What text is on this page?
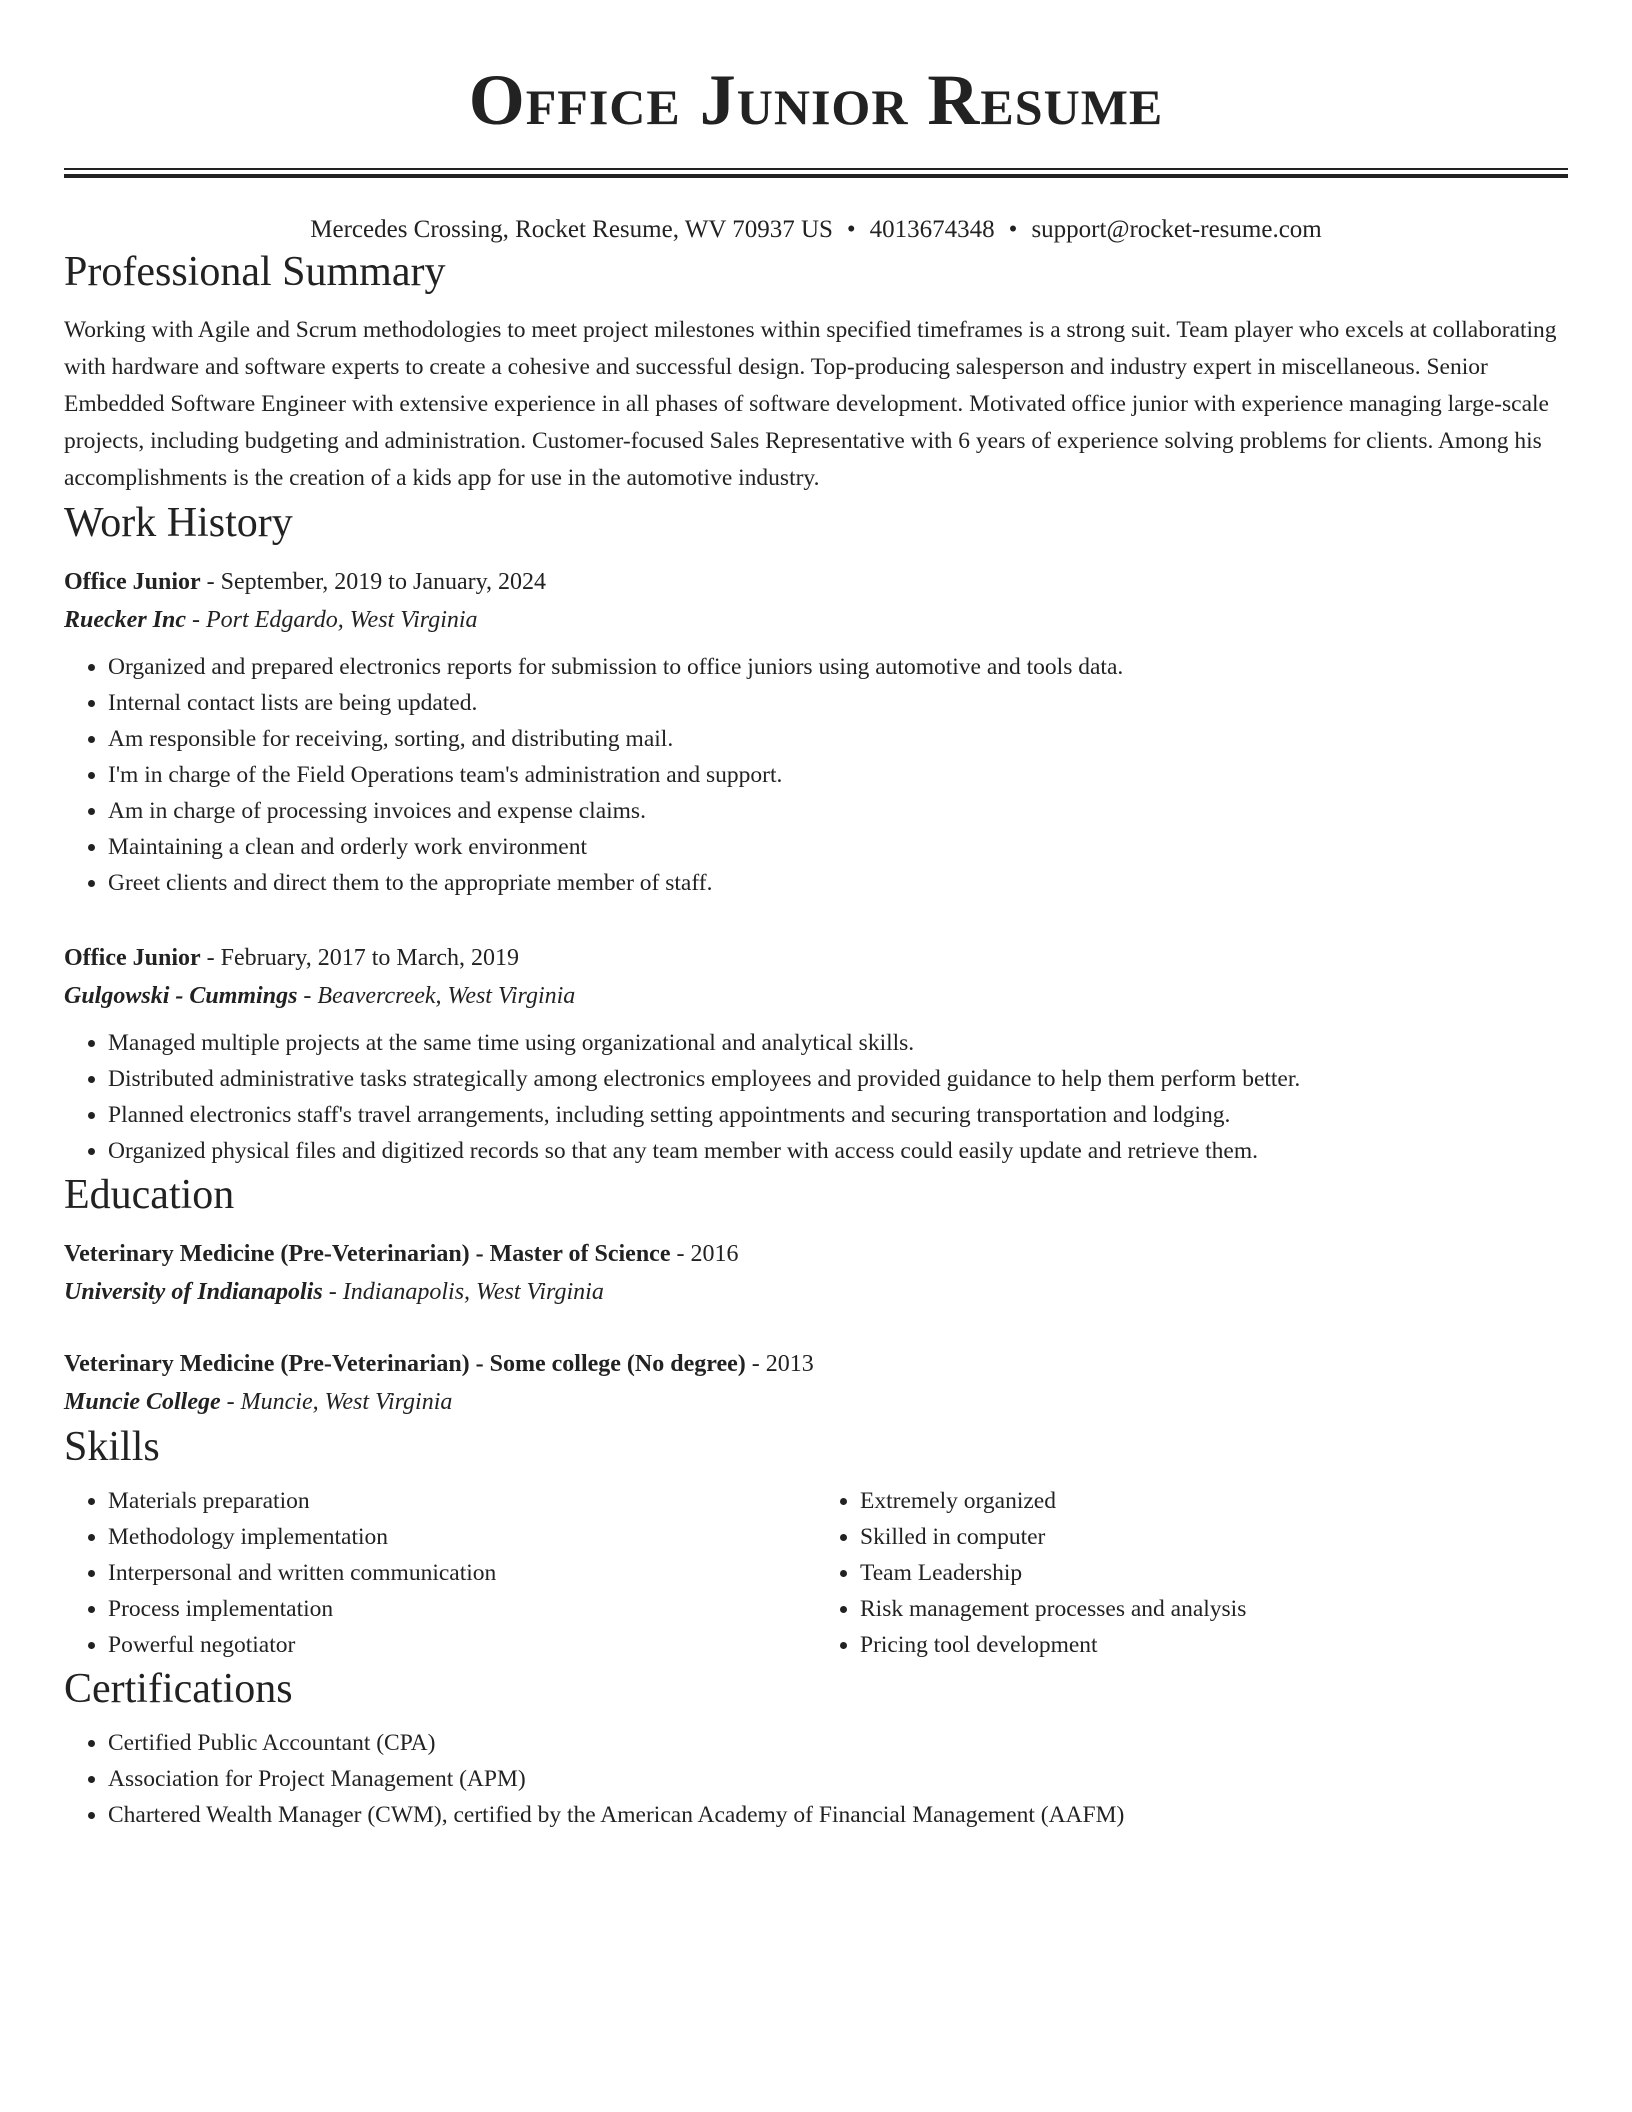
Office Junior Resume
Mercedes Crossing, Rocket Resume, WV 70937 US • 4013674348 • support@rocket-resume.com
Professional Summary
Working with Agile and Scrum methodologies to meet project milestones within specified timeframes is a strong suit. Team player who excels at collaborating with hardware and software experts to create a cohesive and successful design. Top-producing salesperson and industry expert in miscellaneous. Senior Embedded Software Engineer with extensive experience in all phases of software development. Motivated office junior with experience managing large-scale projects, including budgeting and administration. Customer-focused Sales Representative with 6 years of experience solving problems for clients. Among his accomplishments is the creation of a kids app for use in the automotive industry.
Work History
Office Junior - September, 2019 to January, 2024
Ruecker Inc - Port Edgardo, West Virginia
• Organized and prepared electronics reports for submission to office juniors using automotive and tools data.
• Internal contact lists are being updated.
• Am responsible for receiving, sorting, and distributing mail.
• I'm in charge of the Field Operations team's administration and support.
• Am in charge of processing invoices and expense claims.
• Maintaining a clean and orderly work environment
• Greet clients and direct them to the appropriate member of staff.
Office Junior - February, 2017 to March, 2019
Gulgowski - Cummings - Beavercreek, West Virginia
• Managed multiple projects at the same time using organizational and analytical skills.
• Distributed administrative tasks strategically among electronics employees and provided guidance to help them perform better.
• Planned electronics staff's travel arrangements, including setting appointments and securing transportation and lodging.
• Organized physical files and digitized records so that any team member with access could easily update and retrieve them.
Education
Veterinary Medicine (Pre-Veterinarian) - Master of Science - 2016
University of Indianapolis - Indianapolis, West Virginia
Veterinary Medicine (Pre-Veterinarian) - Some college (No degree) - 2013
Muncie College - Muncie, West Virginia
Skills
• Materials preparation
• Methodology implementation
• Interpersonal and written communication
• Process implementation
• Powerful negotiator
• Extremely organized
• Skilled in computer
• Team Leadership
• Risk management processes and analysis
• Pricing tool development
Certifications
• Certified Public Accountant (CPA)
• Association for Project Management (APM)
• Chartered Wealth Manager (CWM), certified by the American Academy of Financial Management (AAFM)
